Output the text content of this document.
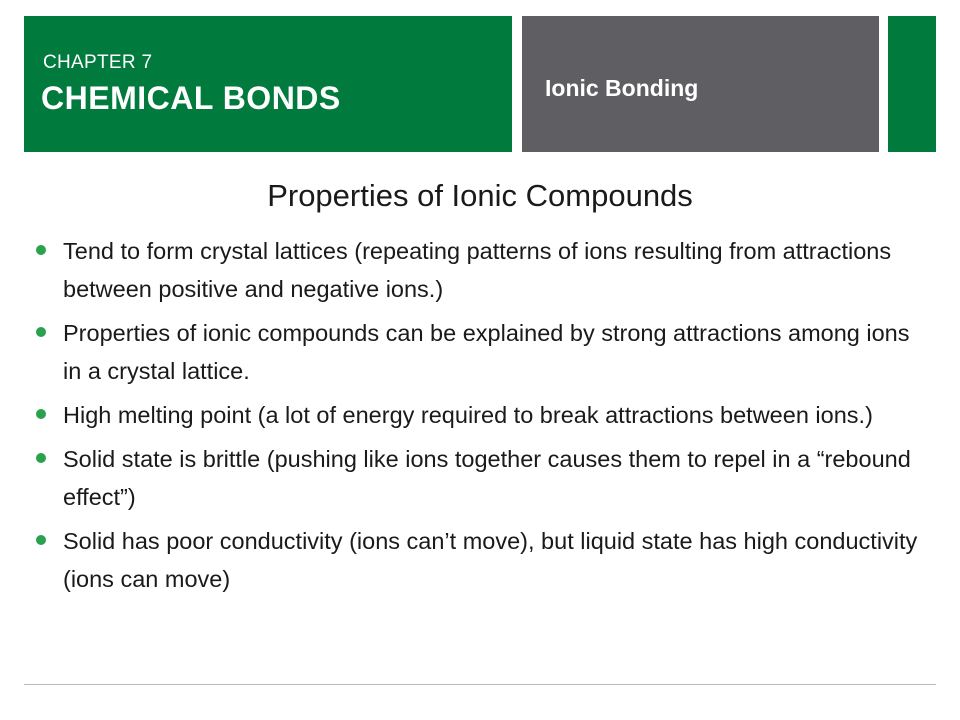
CHAPTER 7
CHEMICAL BONDS	Ionic Bonding
Properties of Ionic Compounds
Tend to form crystal lattices (repeating patterns of ions resulting from attractions between positive and negative ions.)
Properties of ionic compounds can be explained by strong attractions among ions in a crystal lattice.
High melting point (a lot of energy required to break attractions between ions.)
Solid state is brittle (pushing like ions together causes them to repel in a “rebound effect”)
Solid has poor conductivity (ions can’t move), but liquid state has high conductivity (ions can move)
